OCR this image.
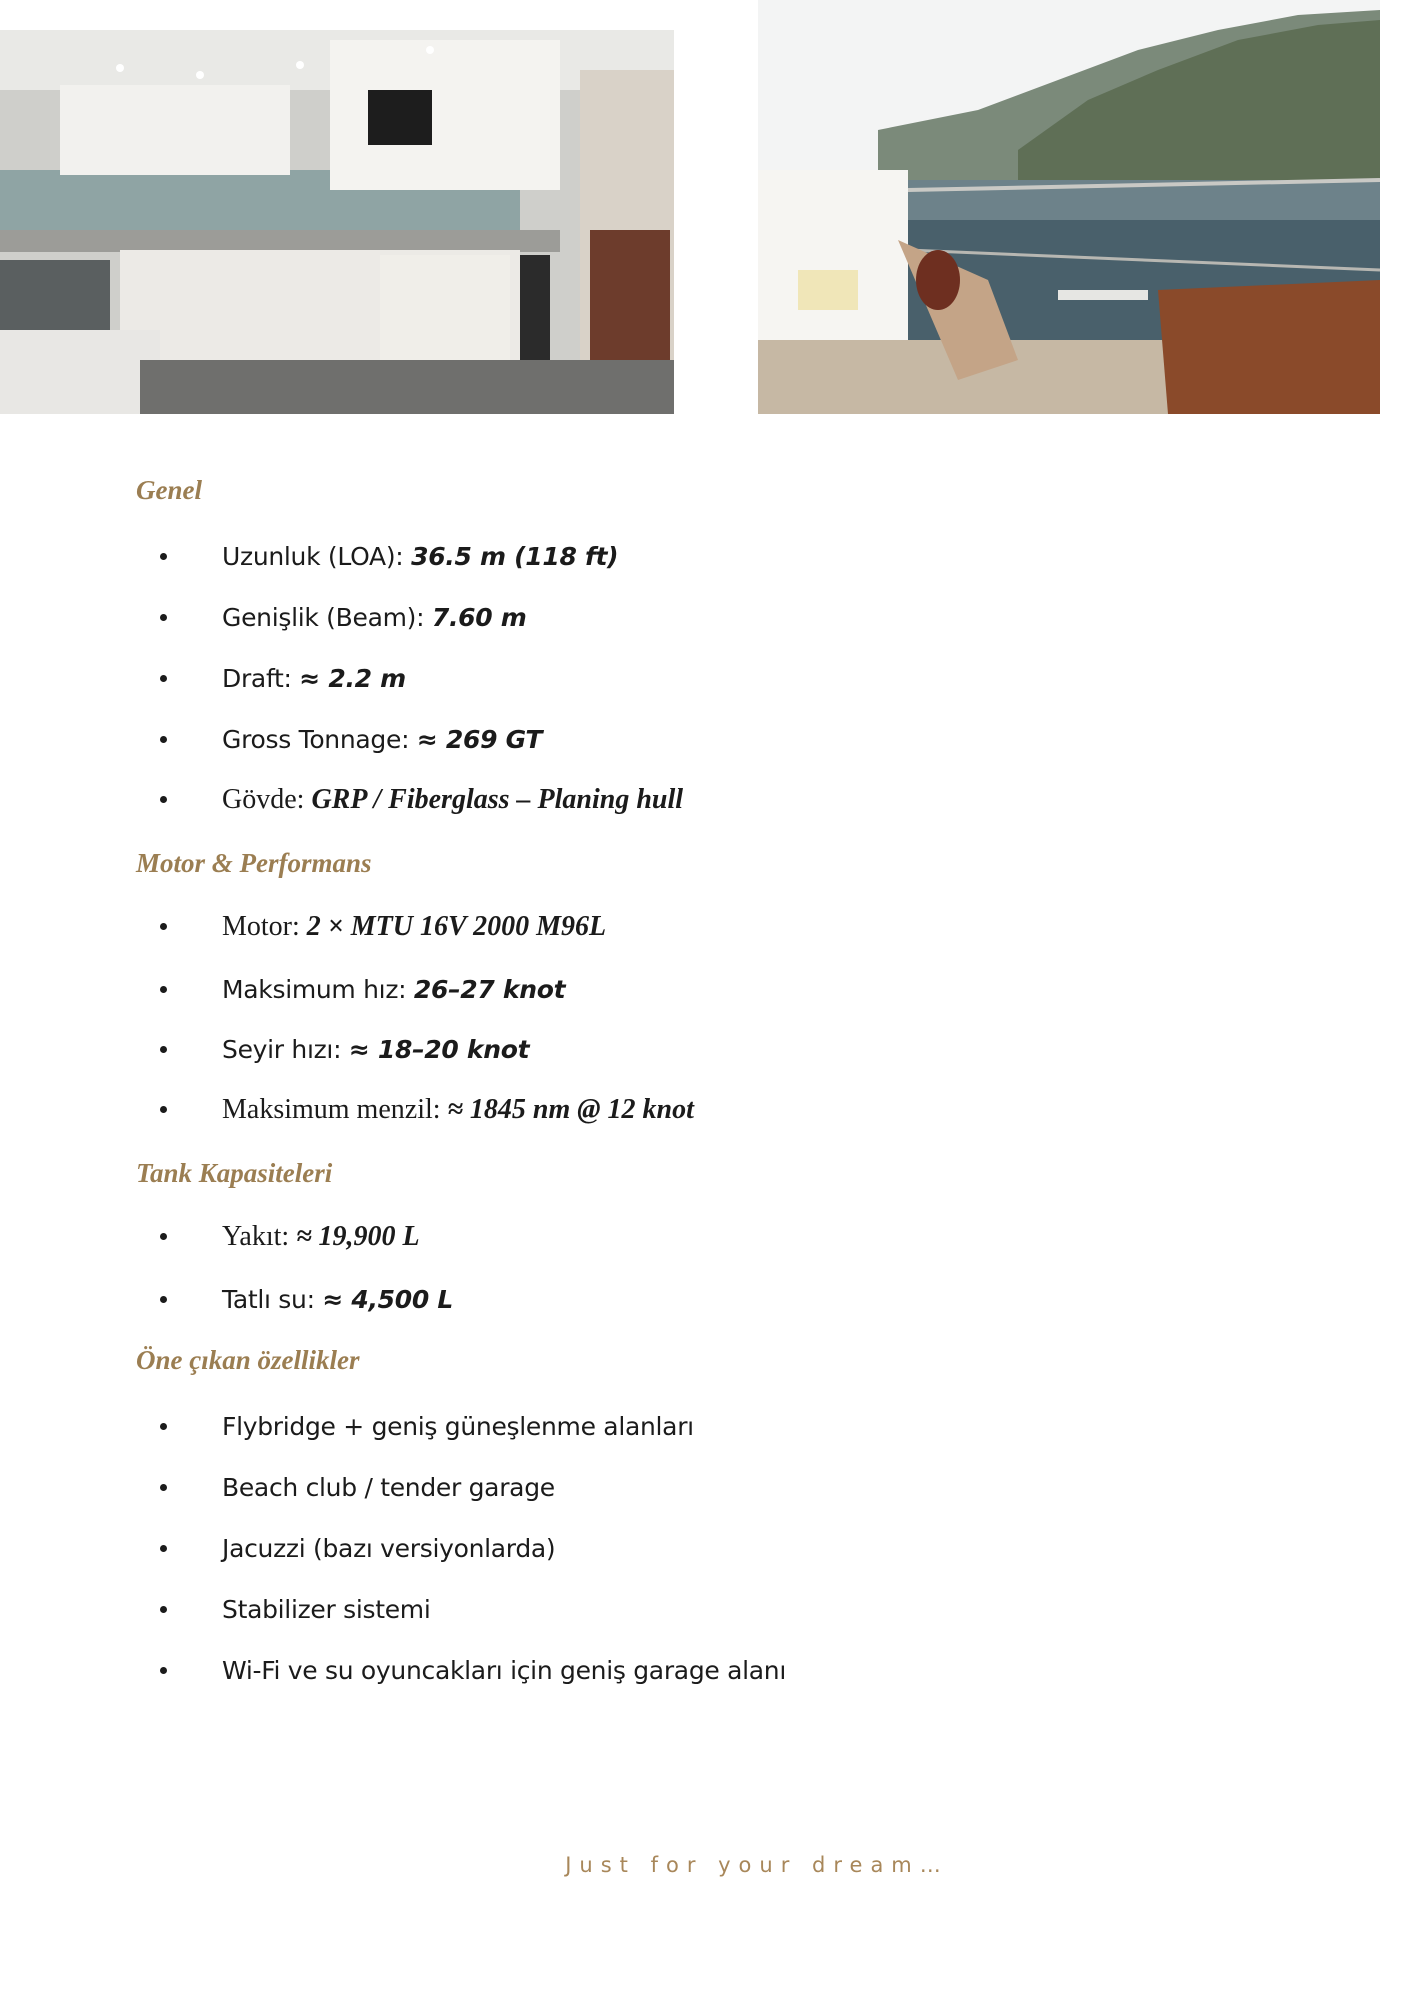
Genel
Uzunluk (LOA): 36.5 m (118 ft)
Genişlik (Beam): 7.60 m
Draft: ≈ 2.2 m
Gross Tonnage: ≈ 269 GT
Gövde: GRP / Fiberglass – Planing hull
Motor & Performans
Motor: 2 × MTU 16V 2000 M96L
Maksimum hız: 26–27 knot
Seyir hızı: ≈ 18–20 knot
Maksimum menzil: ≈ 1845 nm @ 12 knot
Tank Kapasiteleri
Yakıt: ≈ 19,900 L
Tatlı su: ≈ 4,500 L
Öne çıkan özellikler
Flybridge + geniş güneşlenme alanları
Beach club / tender garage
Jacuzzi (bazı versiyonlarda)
Stabilizer sistemi
Wi-Fi ve su oyuncakları için geniş garage alanı
Just for your dream…
